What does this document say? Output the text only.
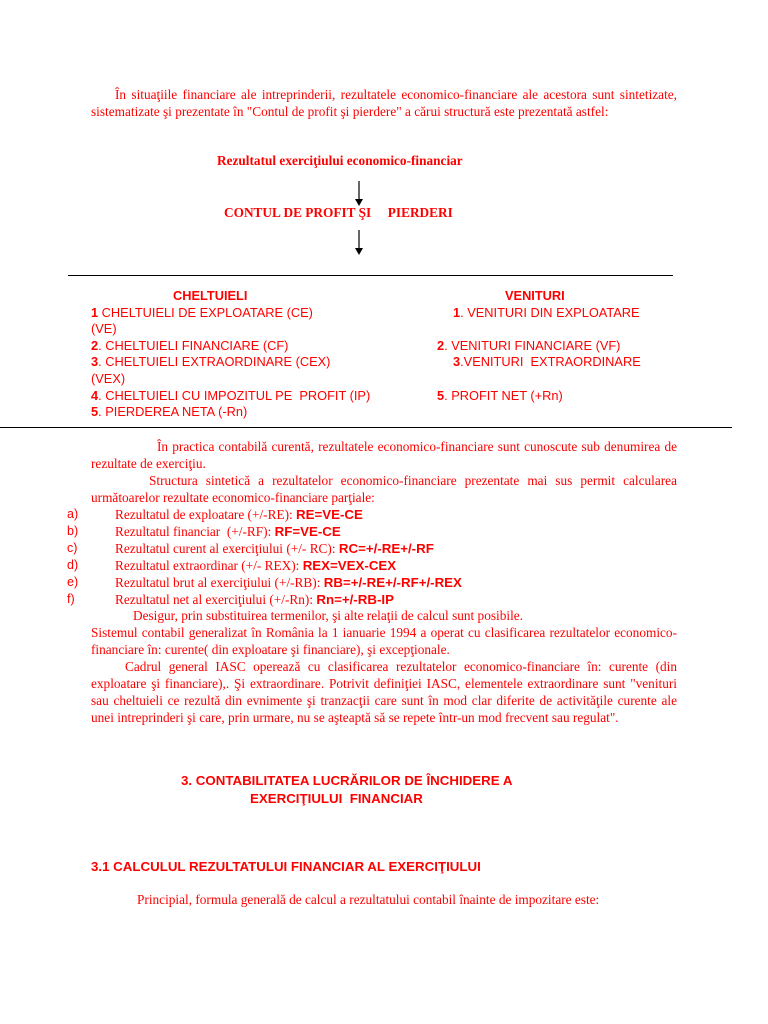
În situaţiile financiare ale intreprinderii, rezultatele economico-financiare ale acestora sunt sintetizate, sistematizate şi prezentate în "Contul de profit şi pierdere" a cărui structură este prezentată astfel:
Rezultatul exerciţiului economico-financiar
CONTUL DE PROFIT ŞI     PIERDERI
CHELTUIELI	VENITURI
1 CHELTUIELI DE EXPLOATARE (CE)	1. VENITURI DIN EXPLOATARE
(VE)
2. CHELTUIELI FINANCIARE (CF)	2. VENITURI FINANCIARE (VF)
3. CHELTUIELI EXTRAORDINARE (CEX)	3.VENITURI  EXTRAORDINARE
(VEX)
4. CHELTUIELI CU IMPOZITUL PE  PROFIT (IP)	5. PROFIT NET (+Rn)
5. PIERDEREA NETA (-Rn)
În practica contabilă curentă, rezultatele economico-financiare sunt cunoscute sub denumirea de rezultate de exerciţiu.
Structura sintetică a rezultatelor economico-financiare prezentate mai sus permit calcularea următoarelor rezultate economico-financiare parţiale:
a)	Rezultatul de exploatare (+/-RE): RE=VE-CE
b)	Rezultatul financiar  (+/-RF): RF=VE-CE
c)	Rezultatul curent al exerciţiului (+/- RC): RC=+/-RE+/-RF
d)	Rezultatul extraordinar (+/- REX): REX=VEX-CEX
e)	Rezultatul brut al exerciţiului (+/-RB): RB=+/-RE+/-RF+/-REX
f)	Rezultatul net al exerciţiului (+/-Rn): Rn=+/-RB-IP
Desigur, prin substituirea termenilor, şi alte relaţii de calcul sunt posibile.
Sistemul contabil generalizat în România la 1 ianuarie 1994 a operat cu clasificarea rezultatelor economico-financiare în: curente( din exploatare şi financiare), şi excepţionale.
Cadrul general IASC operează cu clasificarea rezultatelor economico-financiare în: curente (din exploatare şi financiare),. Şi extraordinare. Potrivit definiţiei IASC, elementele extraordinare sunt "venituri sau cheltuieli ce rezultă din evnimente şi tranzacţii care sunt în mod clar diferite de activităţile curente ale unei intreprinderi şi care, prin urmare, nu se aşteaptă să se repete într-un mod frecvent sau regulat".
3. CONTABILITATEA LUCRĂRILOR DE ÎNCHIDERE A
EXERCIŢIULUI  FINANCIAR
3.1 CALCULUL REZULTATULUI FINANCIAR AL EXERCIŢIULUI
Principial, formula generală de calcul a rezultatului contabil înainte de impozitare este:
